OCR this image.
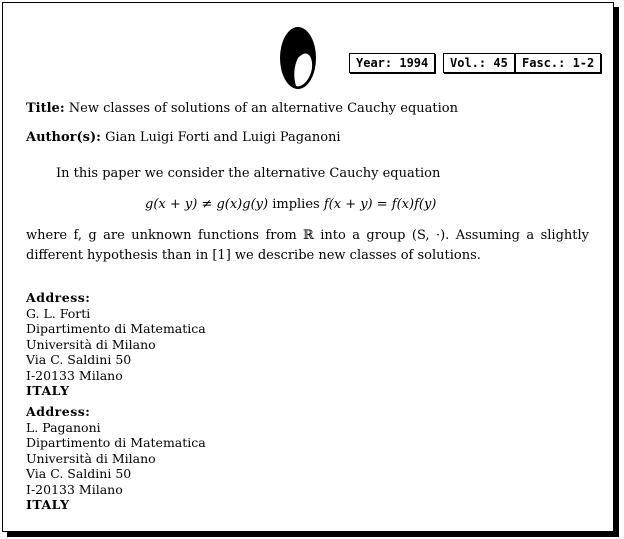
Year: 1994	Vol.: 45	Fasc.: 1-2
Title: New classes of solutions of an alternative Cauchy equation
Author(s): Gian Luigi Forti and Luigi Paganoni
In this paper we consider the alternative Cauchy equation
g(x + y) ≠ g(x)g(y) implies f(x + y) = f(x)f(y)
where f, g are unknown functions from ℝ into a group (S, ·). Assuming a slightly different hypothesis than in [1] we describe new classes of solutions.
Address:
G. L. Forti
Dipartimento di Matematica
Università di Milano
Via C. Saldini 50
I-20133 Milano
ITALY
Address:
L. Paganoni
Dipartimento di Matematica
Università di Milano
Via C. Saldini 50
I-20133 Milano
ITALY
